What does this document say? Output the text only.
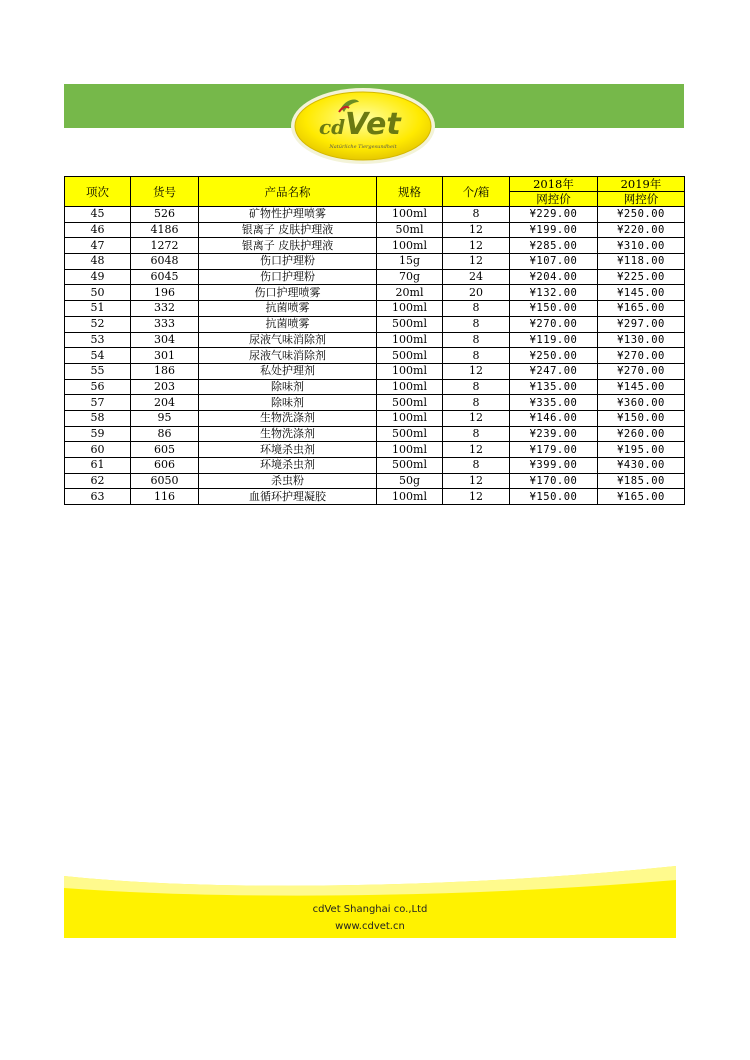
cd Vet
Natürliche Tiergesundheit
项次	货号	产品名称	规格	个/箱	2018年	2019年
					网控价	网控价
45	526	矿物性护理喷雾	100ml	8	¥229.00	¥250.00
46	4186	银离子 皮肤护理液	50ml	12	¥199.00	¥220.00
47	1272	银离子 皮肤护理液	100ml	12	¥285.00	¥310.00
48	6048	伤口护理粉	15g	12	¥107.00	¥118.00
49	6045	伤口护理粉	70g	24	¥204.00	¥225.00
50	196	伤口护理喷雾	20ml	20	¥132.00	¥145.00
51	332	抗菌喷雾	100ml	8	¥150.00	¥165.00
52	333	抗菌喷雾	500ml	8	¥270.00	¥297.00
53	304	尿液气味消除剂	100ml	8	¥119.00	¥130.00
54	301	尿液气味消除剂	500ml	8	¥250.00	¥270.00
55	186	私处护理剂	100ml	12	¥247.00	¥270.00
56	203	除味剂	100ml	8	¥135.00	¥145.00
57	204	除味剂	500ml	8	¥335.00	¥360.00
58	95	生物洗涤剂	100ml	12	¥146.00	¥150.00
59	86	生物洗涤剂	500ml	8	¥239.00	¥260.00
60	605	环境杀虫剂	100ml	12	¥179.00	¥195.00
61	606	环境杀虫剂	500ml	8	¥399.00	¥430.00
62	6050	杀虫粉	50g	12	¥170.00	¥185.00
63	116	血循环护理凝胶	100ml	12	¥150.00	¥165.00
cdVet Shanghai co.,Ltd
www.cdvet.cn
